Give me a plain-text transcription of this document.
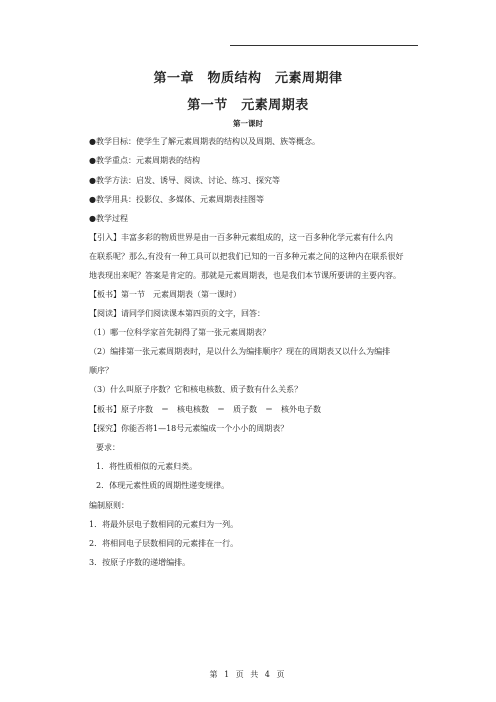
第一章　物质结构　元素周期律
第一节　元素周期表
第一课时
●教学目标：使学生了解元素周期表的结构以及周期、族等概念。
●教学重点：元素周期表的结构
●教学方法：启发、诱导、阅读、讨论、练习、探究等
●教学用具：投影仪、多媒体、元素周期表挂图等
●教学过程
【引入】丰富多彩的物质世界是由一百多种元素组成的，这一百多种化学元素有什么内
在联系呢？那么,有没有一种工具可以把我们已知的一百多种元素之间的这种内在联系很好
地表现出来呢？答案是肯定的。那就是元素周期表，也是我们本节课所要讲的主要内容。
【板书】第一节　元素周期表（第一课时）
【阅读】请同学们阅读课本第四页的文字，回答：
（1）哪一位科学家首先制得了第一张元素周期表？
（2）编排第一张元素周期表时，是以什么为编排顺序？现在的周期表又以什么为编排
顺序？
（3）什么叫原子序数？它和核电核数、质子数有什么关系？
【板书】原子序数　＝　核电核数　＝　质子数　＝　核外电子数
【探究】你能否将1—18号元素编成一个小小的周期表？
要求：
1．将性质相似的元素归类。
2．体现元素性质的周期性递变规律。
编制原则：
1．将最外层电子数相同的元素归为一列。
2．将相同电子层数相同的元素排在一行。
3．按原子序数的递增编排。
第 1 页 共 4 页
